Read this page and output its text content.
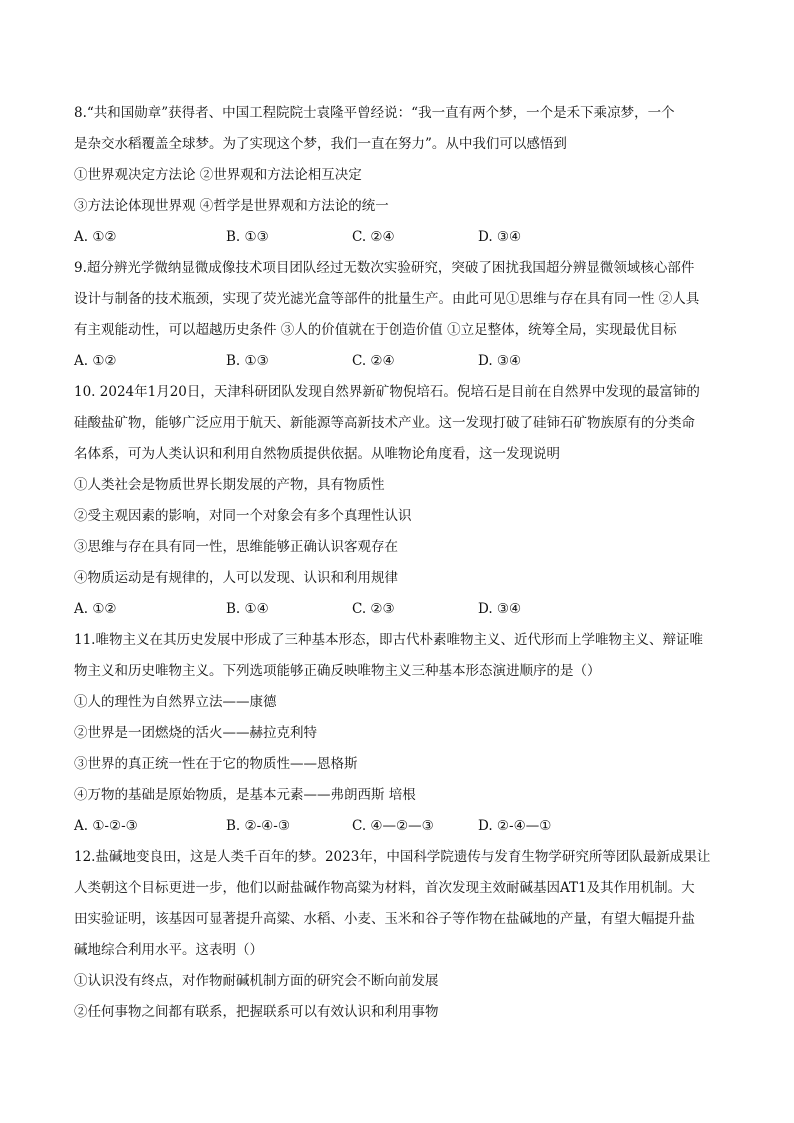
8.“共和国勋章”获得者、中国工程院院士袁隆平曾经说：“我一直有两个梦，一个是禾下乘凉梦，一个
是杂交水稻覆盖全球梦。为了实现这个梦，我们一直在努力”。从中我们可以感悟到
①世界观决定方法论 ②世界观和方法论相互决定
③方法论体现世界观 ④哲学是世界观和方法论的统一
A. ①②	B. ①③	C. ②④	D. ③④
9.超分辨光学微纳显微成像技术项目团队经过无数次实验研究，突破了困扰我国超分辨显微领域核心部件
设计与制备的技术瓶颈，实现了荧光滤光盒等部件的批量生产。由此可见①思维与存在具有同一性 ②人具
有主观能动性，可以超越历史条件 ③人的价值就在于创造价值 ①立足整体，统筹全局，实现最优目标
A. ①②	B. ①③	C. ②④	D. ③④
10. 2024年1月20日，天津科研团队发现自然界新矿物倪培石。倪培石是目前在自然界中发现的最富铈的
硅酸盐矿物，能够广泛应用于航天、新能源等高新技术产业。这一发现打破了硅铈石矿物族原有的分类命
名体系，可为人类认识和利用自然物质提供依据。从唯物论角度看，这一发现说明
①人类社会是物质世界长期发展的产物，具有物质性
②受主观因素的影响，对同一个对象会有多个真理性认识
③思维与存在具有同一性，思维能够正确认识客观存在
④物质运动是有规律的，人可以发现、认识和利用规律
A. ①②	B. ①④	C. ②③	D. ③④
11.唯物主义在其历史发展中形成了三种基本形态，即古代朴素唯物主义、近代形而上学唯物主义、辩证唯
物主义和历史唯物主义。下列选项能够正确反映唯物主义三种基本形态演进顺序的是（）
①人的理性为自然界立法——康德
②世界是一团燃烧的活火——赫拉克利特
③世界的真正统一性在于它的物质性——恩格斯
④万物的基础是原始物质，是基本元素——弗朗西斯 培根
A. ①-②-③	B. ②-④-③	C. ④—②—③	D. ②-④—①
12.盐碱地变良田，这是人类千百年的梦。2023年，中国科学院遗传与发育生物学研究所等团队最新成果让
人类朝这个目标更进一步，他们以耐盐碱作物高粱为材料，首次发现主效耐碱基因AT1及其作用机制。大
田实验证明，该基因可显著提升高粱、水稻、小麦、玉米和谷子等作物在盐碱地的产量，有望大幅提升盐
碱地综合利用水平。这表明（）
①认识没有终点，对作物耐碱机制方面的研究会不断向前发展
②任何事物之间都有联系，把握联系可以有效认识和利用事物
